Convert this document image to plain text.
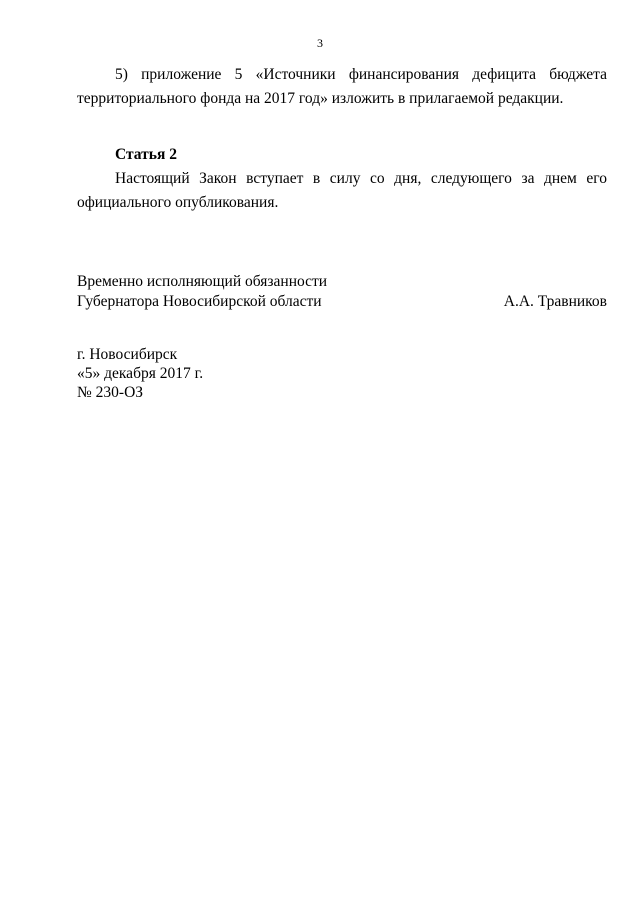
3
5) приложение 5 «Источники финансирования дефицита бюджета
территориального фонда на 2017 год» изложить в прилагаемой редакции.
Статья 2
Настоящий Закон вступает в силу со дня, следующего за днем его
официального опубликования.
Временно исполняющий обязанности
Губернатора Новосибирской области	А.А. Травников
г. Новосибирск
«5» декабря 2017 г.
№ 230-ОЗ
